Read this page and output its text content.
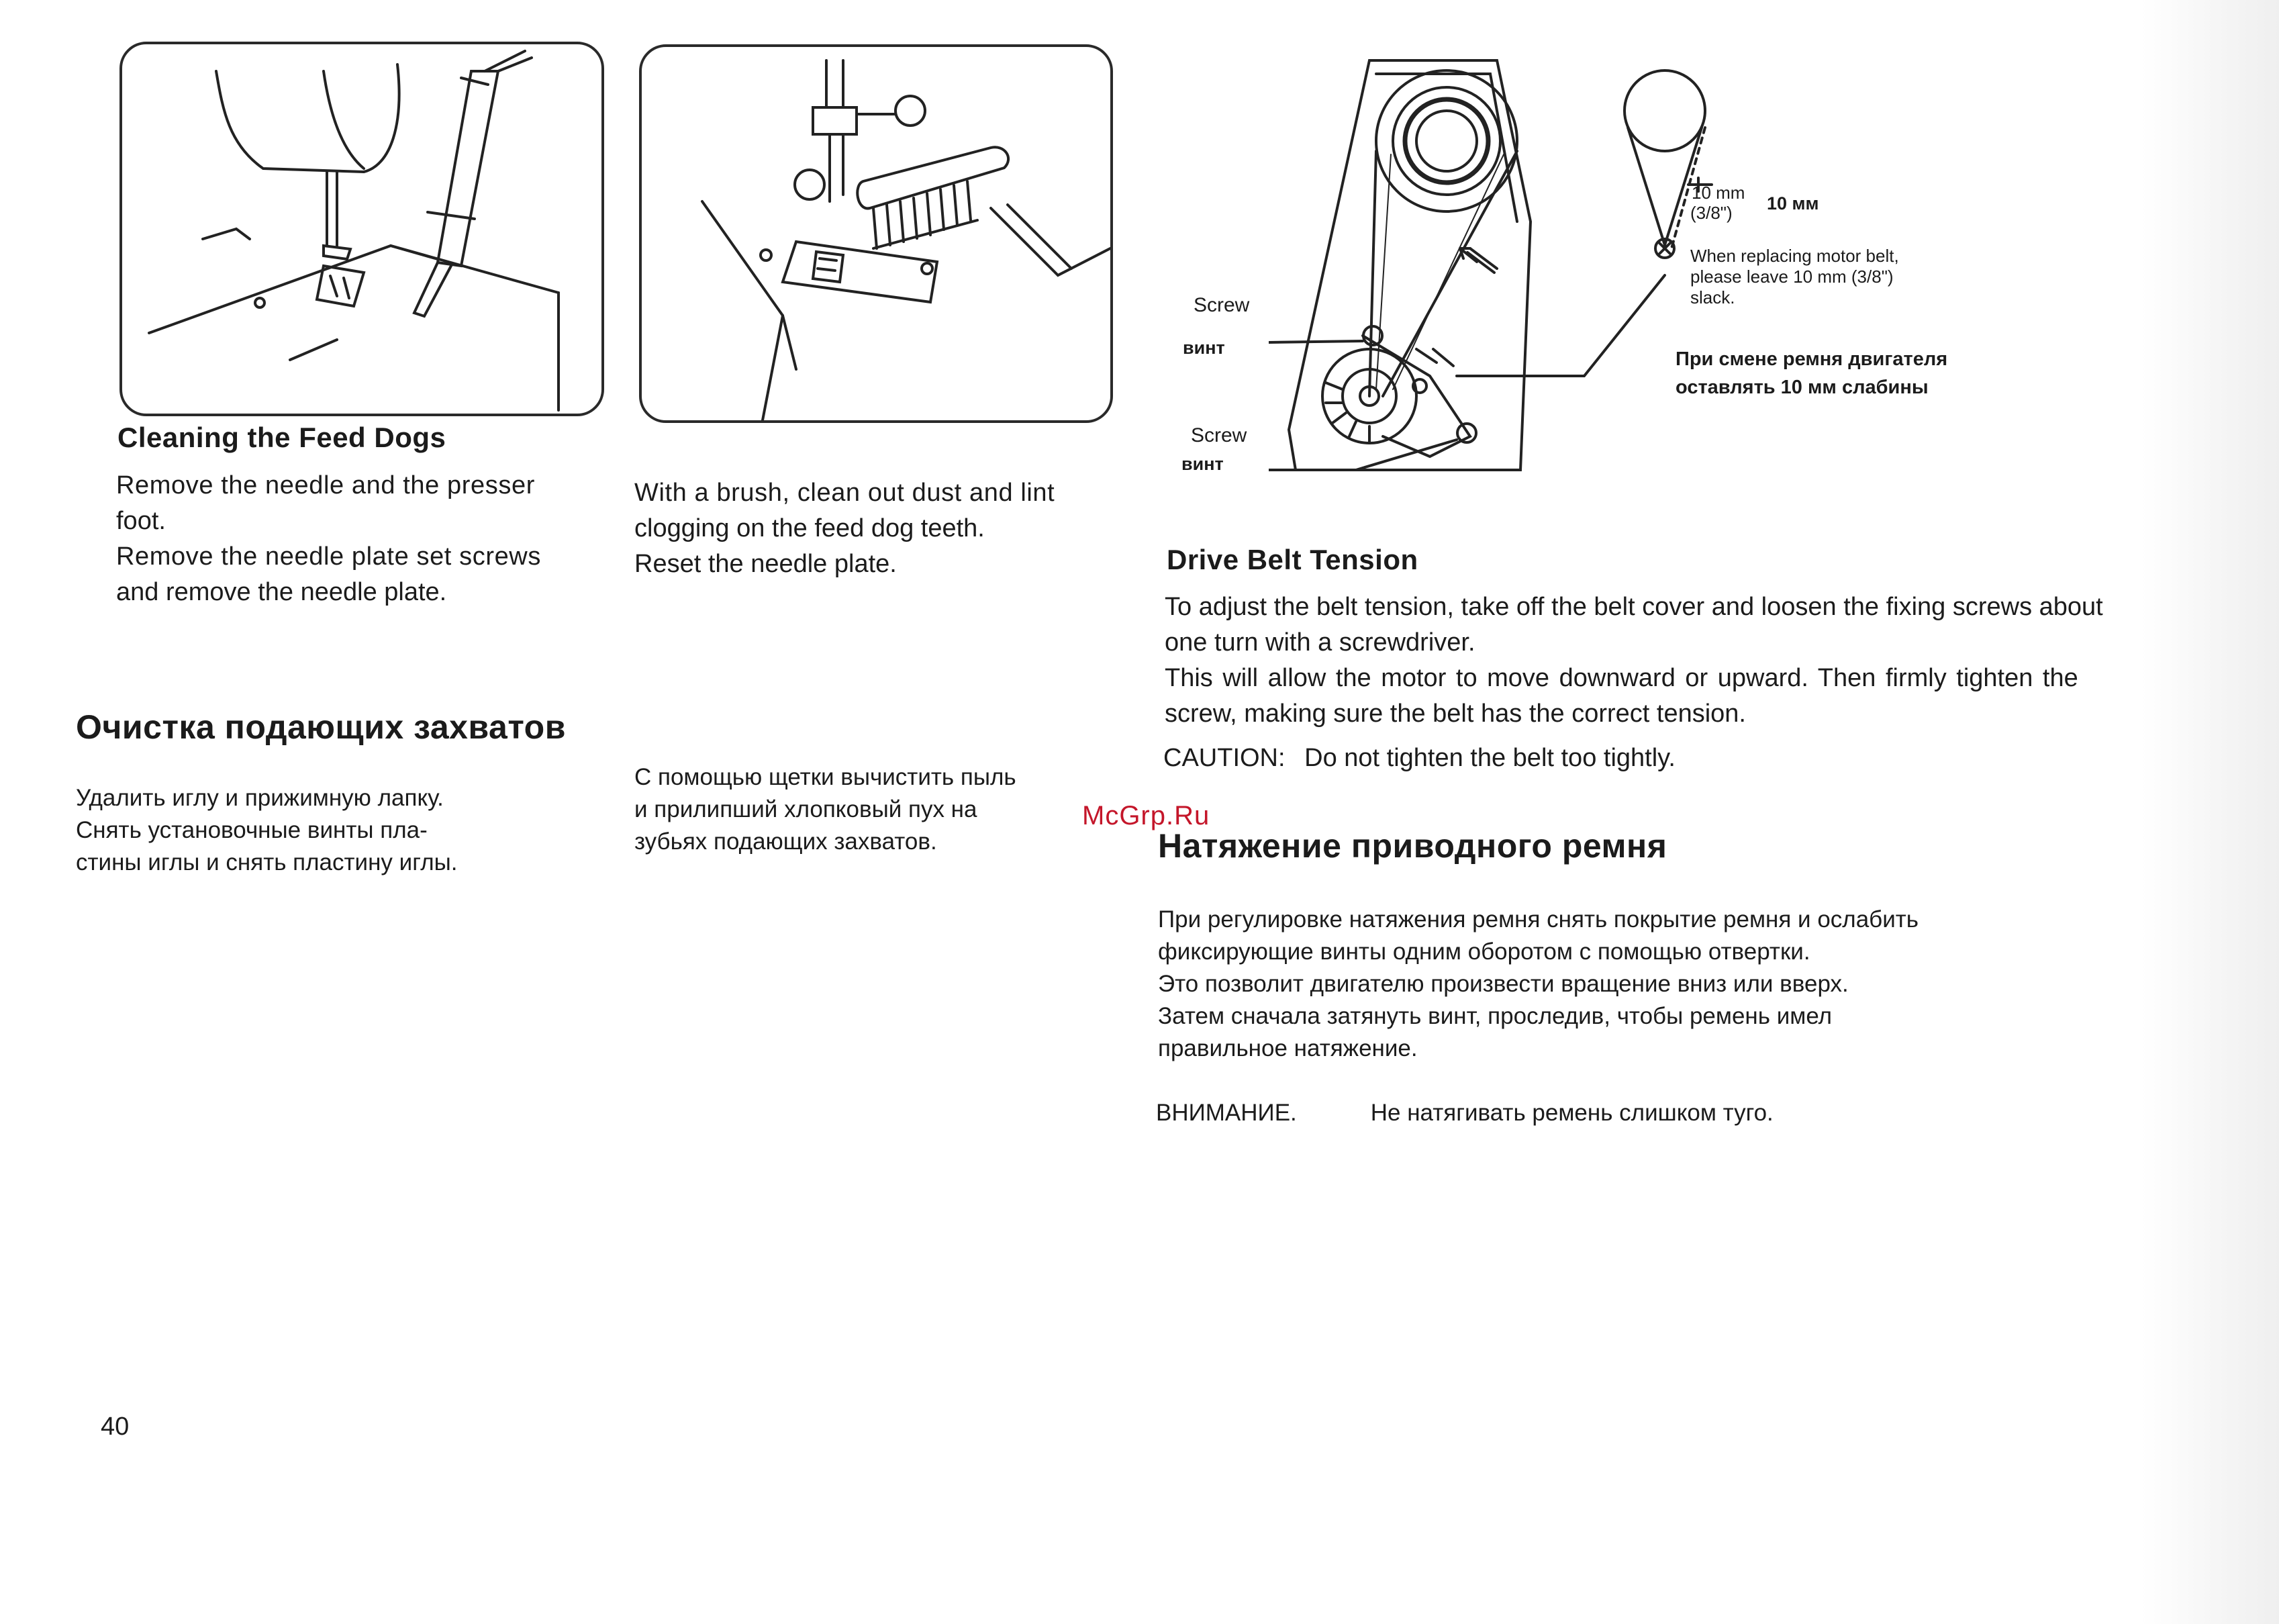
Screw
винт
Screw
винт
10 mm
(3/8") 10 мм
When replacing motor belt,
please leave 10 mm (3/8")
slack.
При смене ремня двигателя
оставлять 10 мм слабины
Cleaning the Feed Dogs
Remove the needle and the presser
foot.
Remove the needle plate set screws
and remove the needle plate.
With a brush, clean out dust and lint
clogging on the feed dog teeth.
Reset the needle plate.
Очистка подающих захватов
Удалить иглу и прижимную лапку.
Снять установочные винты пла-
стины иглы и снять пластину иглы.
С помощью щетки вычистить пыль
и прилипший хлопковый пух на
зубьях подающих захватов.
Drive Belt Tension
To adjust the belt tension, take off the belt cover and loosen the fixing screws about
one turn with a screwdriver.
This will allow the motor to move downward or upward. Then firmly tighten the
screw, making sure the belt has the correct tension.
CAUTION: Do not tighten the belt too tightly.
McGrp.Ru
Натяжение приводного ремня
При регулировке натяжения ремня снять покрытие ремня и ослабить
фиксирующие винты одним оборотом с помощью отвертки.
Это позволит двигателю произвести вращение вниз или вверх.
Затем сначала затянуть винт, проследив, чтобы ремень имел
правильное натяжение.
ВНИМАНИЕ.	Не натягивать ремень слишком туго.
40
